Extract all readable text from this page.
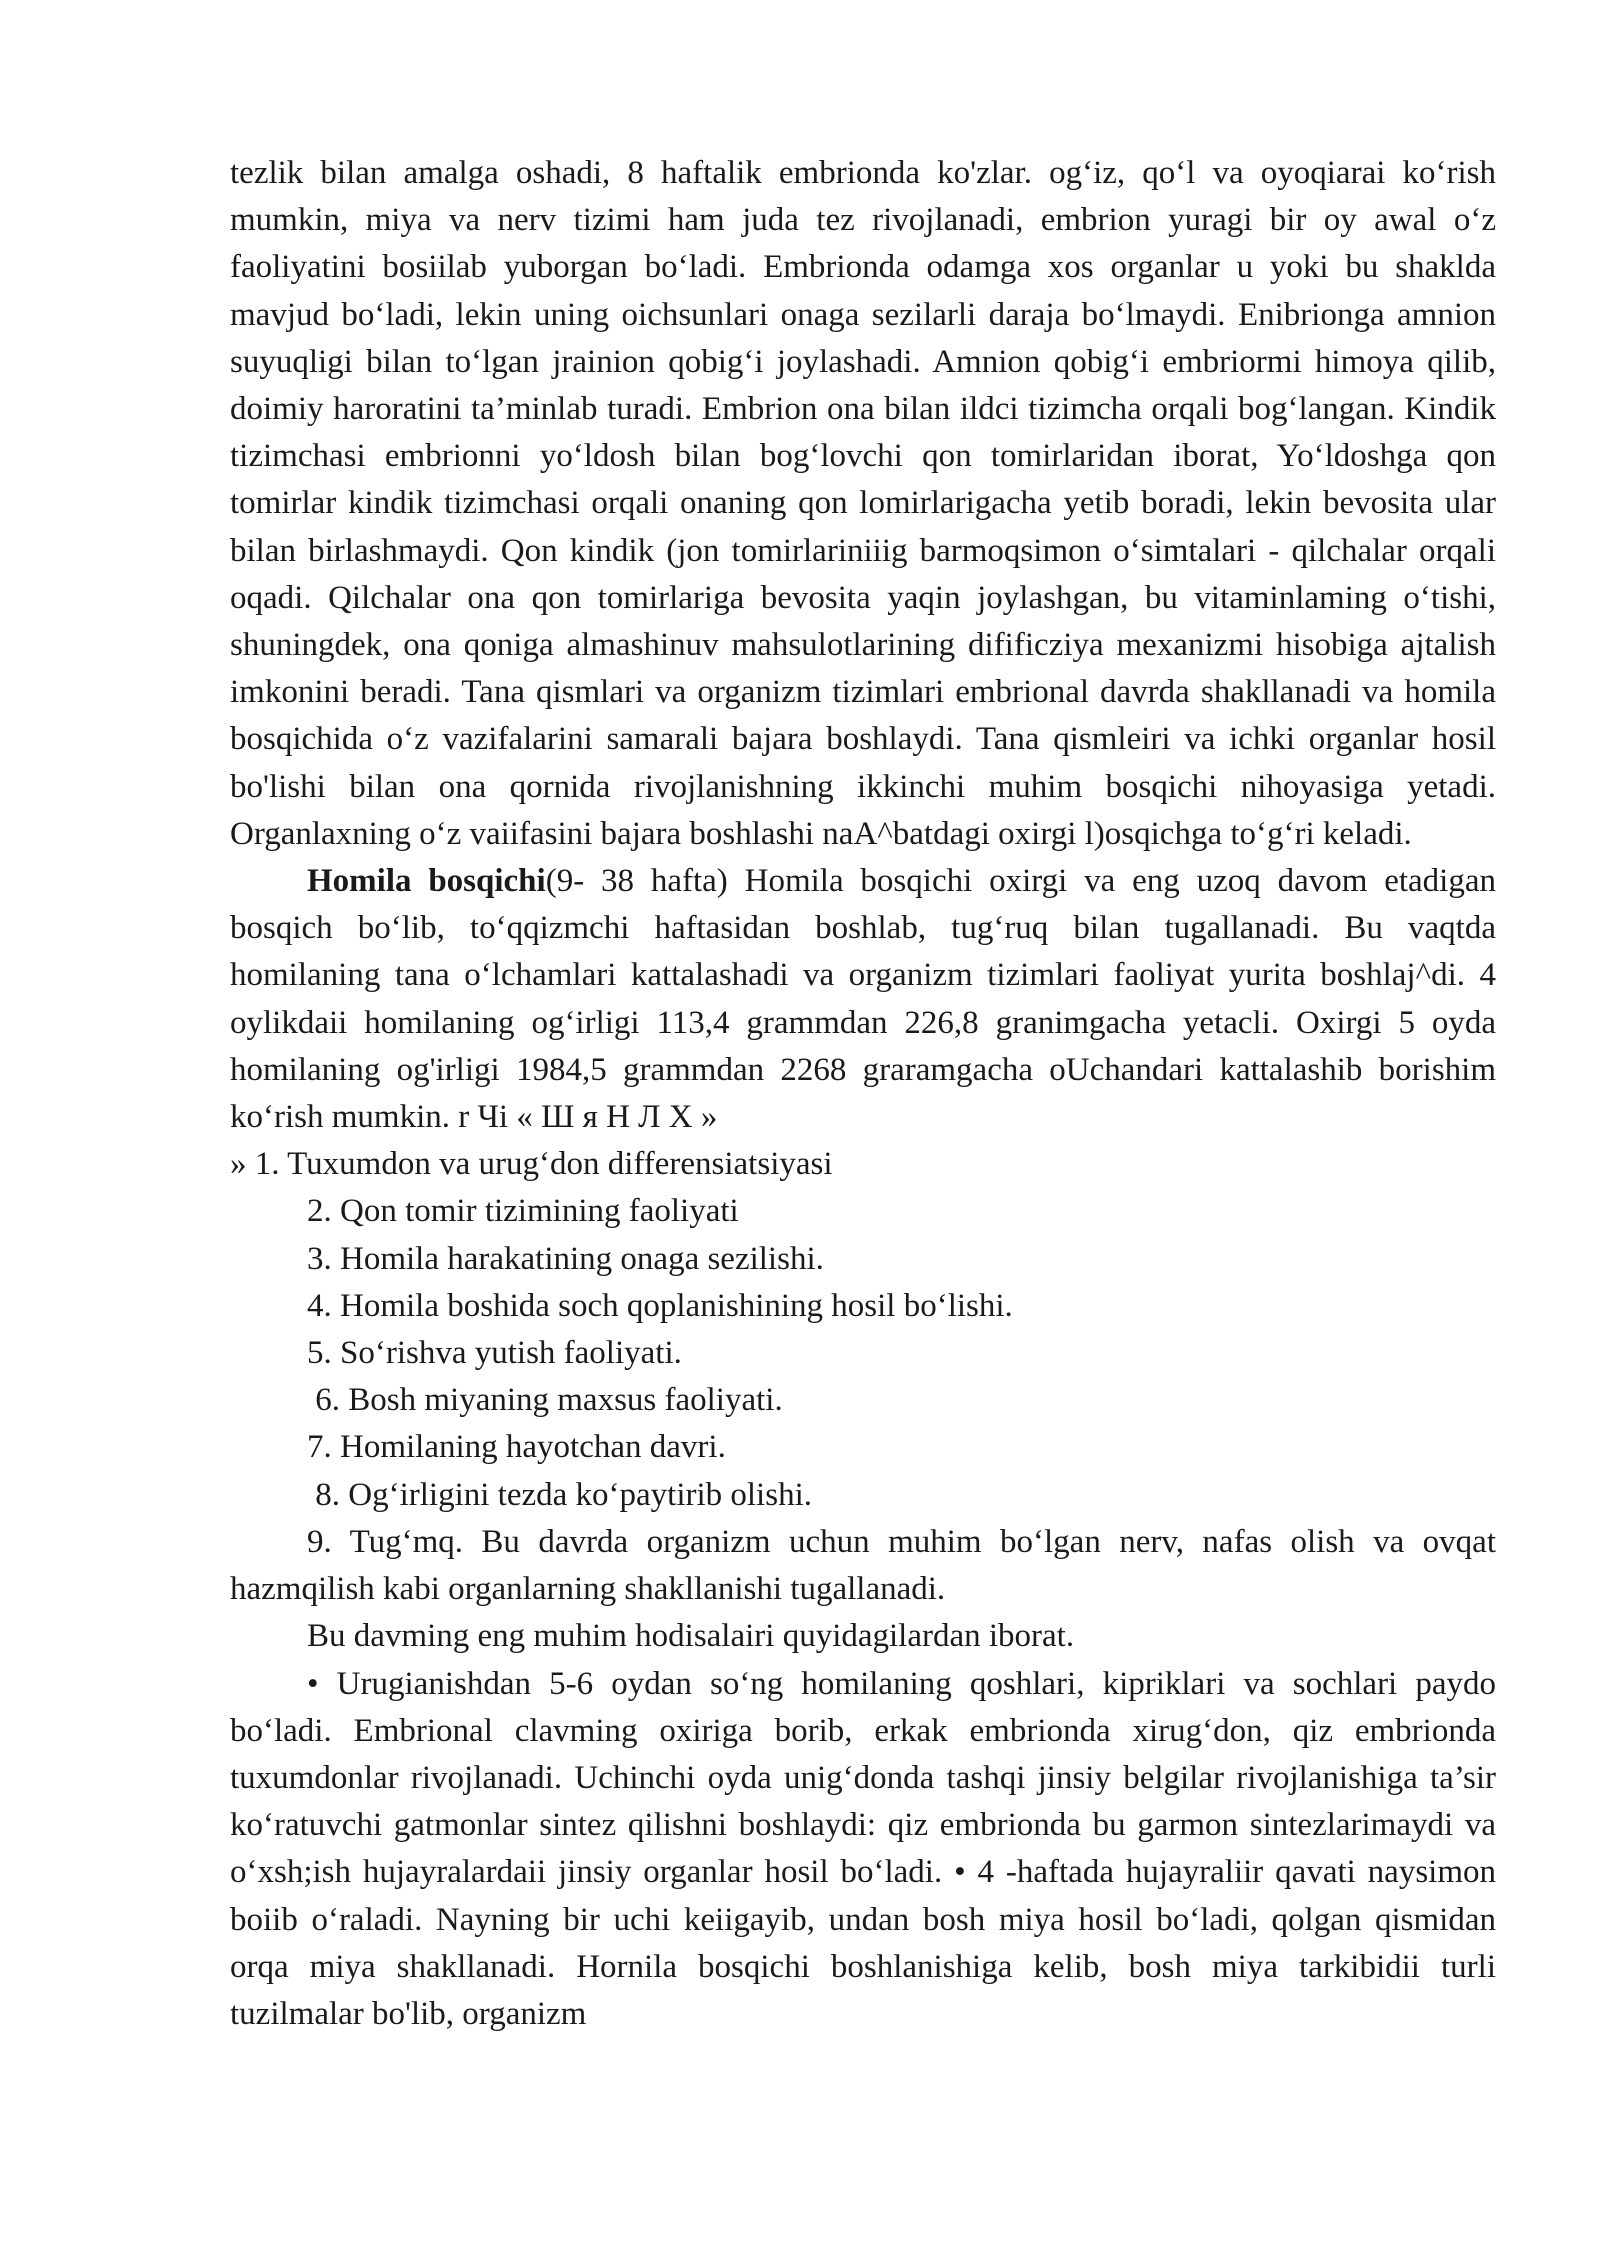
tezlik bilan amalga oshadi, 8 haftalik embrionda ko'zlar. og‘iz, qo‘l va oyoqiarai ko‘rish mumkin, miya va nerv tizimi ham juda tez rivojlanadi, embrion yuragi bir oy awal o‘z faoliyatini bosiilab yuborgan bo‘ladi. Embrionda odamga xos organlar u yoki bu shaklda mavjud bo‘ladi, lekin uning oichsunlari onaga sezilarli daraja bo‘lmaydi. Enibrionga amnion suyuqligi bilan to‘lgan jrainion qobig‘i joylashadi. Amnion qobig‘i embriormi himoya qilib, doimiy haroratini ta’minlab turadi. Embrion ona bilan ildci tizimcha orqali bog‘langan. Kindik tizimchasi embrionni yo‘ldosh bilan bog‘lovchi qon tomirlaridan iborat, Yo‘ldoshga qon tomirlar kindik tizimchasi orqali onaning qon lomirlarigacha yetib boradi, lekin bevosita ular bilan birlashmaydi. Qon kindik (jon tomirlariniiig barmoqsimon o‘simtalari - qilchalar orqali oqadi. Qilchalar ona qon tomirlariga bevosita yaqin joylashgan, bu vitaminlaming o‘tishi, shuningdek, ona qoniga almashinuv mahsulotlarining difificziya mexanizmi hisobiga ajtalish imkonini beradi. Tana qismlari va organizm tizimlari embrional davrda shakllanadi va homila bosqichida o‘z vazifalarini samarali bajara boshlaydi. Tana qismleiri va ichki organlar hosil bo'lishi bilan ona qornida rivojlanishning ikkinchi muhim bosqichi nihoyasiga yetadi. Organlaxning o‘z vaiifasini bajara boshlashi naA^batdagi oxirgi l)osqichga to‘g‘ri keladi.

Homila bosqichi(9- 38 hafta) Homila bosqichi oxirgi va eng uzoq davom etadigan bosqich bo‘lib, to‘qqizmchi haftasidan boshlab, tug‘ruq bilan tugallanadi. Bu vaqtda homilaning tana o‘lchamlari kattalashadi va organizm tizimlari faoliyat yurita boshlaj^di. 4 oylikdaii homilaning og‘irligi 113,4 grammdan 226,8 granimgacha yetacli. Oxirgi 5 oyda homilaning og'irligi 1984,5 grammdan 2268 graramgacha oUchandari kattalashib borishim ko‘rish mumkin. r Чi « Ш я H Л X »

» 1. Tuxumdon va urug‘don differensiatsiyasi

2. Qon tomir tizimining faoliyati

3. Homila harakatining onaga sezilishi.

4. Homila boshida soch qoplanishining hosil bo‘lishi.

5. So‘rishva yutish faoliyati.

6. Bosh miyaning maxsus faoliyati.

7. Homilaning hayotchan davri.

8. Og‘irligini tezda ko‘paytirib olishi.

9. Tug‘mq. Bu davrda organizm uchun muhim bo‘lgan nerv, nafas olish va ovqat hazmqilish kabi organlarning shakllanishi tugallanadi.

Bu davming eng muhim hodisalairi quyidagilardan iborat.

• Urugianishdan 5-6 oydan so‘ng homilaning qoshlari, kipriklari va sochlari paydo bo‘ladi. Embrional clavming oxiriga borib, erkak embrionda xirug‘don, qiz embrionda tuxumdonlar rivojlanadi. Uchinchi oyda unig‘donda tashqi jinsiy belgilar rivojlanishiga ta’sir ko‘ratuvchi gatmonlar sintez qilishni boshlaydi: qiz embrionda bu garmon sintezlarimaydi va o‘xsh;ish hujayralardaii jinsiy organlar hosil bo‘ladi. • 4 -haftada hujayraliir qavati naysimon boiib o‘raladi. Nayning bir uchi keiigayib, undan bosh miya hosil bo‘ladi, qolgan qismidan orqa miya shakllanadi. Hornila bosqichi boshlanishiga kelib, bosh miya tarkibidii turli tuzilmalar bo'lib, organizm
